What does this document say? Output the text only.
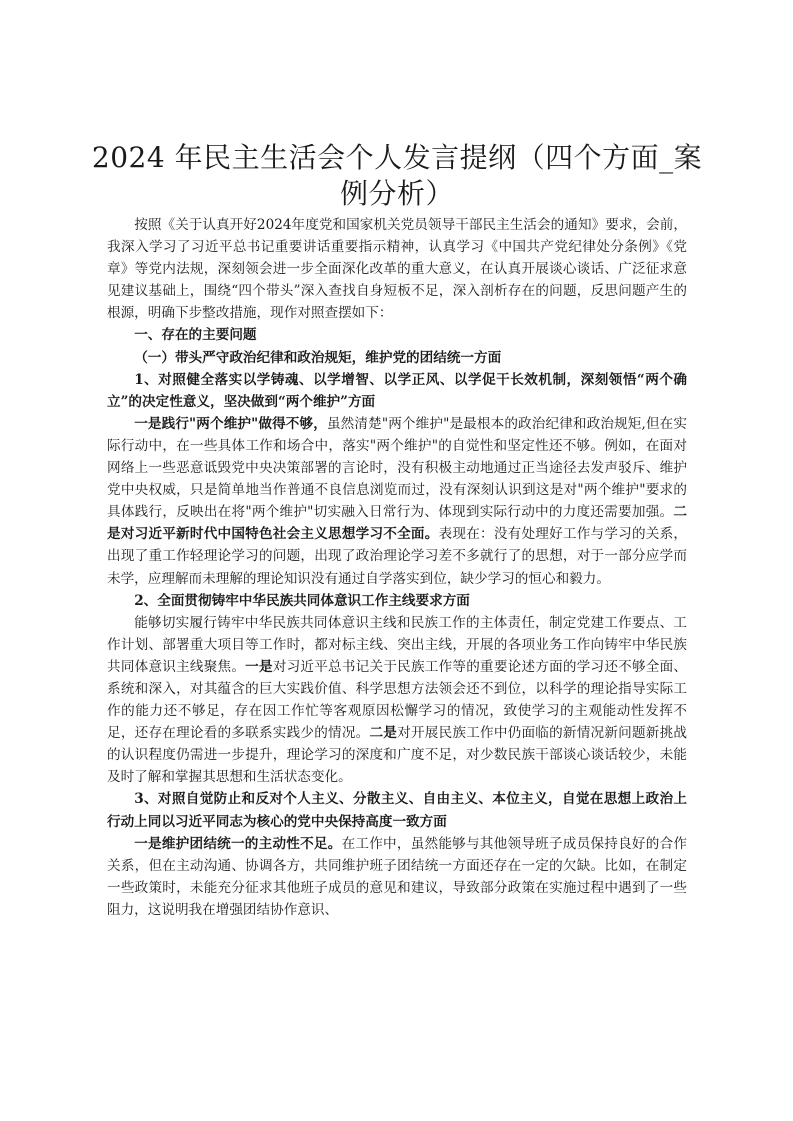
2024 年民主生活会个人发言提纲（四个方面_案例分析）

按照《关于认真开好2024年度党和国家机关党员领导干部民主生活会的通知》要求，会前，我深入学习了习近平总书记重要讲话重要指示精神，认真学习《中国共产党纪律处分条例》《党章》等党内法规，深刻领会进一步全面深化改革的重大意义，在认真开展谈心谈话、广泛征求意见建议基础上，围绕“四个带头”深入查找自身短板不足，深入剖析存在的问题，反思问题产生的根源，明确下步整改措施，现作对照查摆如下：

一、存在的主要问题

（一）带头严守政治纪律和政治规矩，维护党的团结统一方面

1、对照健全落实以学铸魂、以学增智、以学正风、以学促干长效机制，深刻领悟“两个确立”的决定性意义，坚决做到“两个维护”方面

一是践行"两个维护"做得不够，虽然清楚"两个维护"是最根本的政治纪律和政治规矩,但在实际行动中，在一些具体工作和场合中，落实"两个维护"的自觉性和坚定性还不够。例如，在面对网络上一些恶意诋毁党中央决策部署的言论时，没有积极主动地通过正当途径去发声驳斥、维护党中央权威，只是简单地当作普通不良信息浏览而过，没有深刻认识到这是对"两个维护"要求的具体践行，反映出在将"两个维护"切实融入日常行为、体现到实际行动中的力度还需要加强。二是对习近平新时代中国特色社会主义思想学习不全面。表现在：没有处理好工作与学习的关系，出现了重工作轻理论学习的问题，出现了政治理论学习差不多就行了的思想，对于一部分应学而未学，应理解而未理解的理论知识没有通过自学落实到位，缺少学习的恒心和毅力。

2、全面贯彻铸牢中华民族共同体意识工作主线要求方面

能够切实履行铸牢中华民族共同体意识主线和民族工作的主体责任，制定党建工作要点、工作计划、部署重大项目等工作时，都对标主线、突出主线，开展的各项业务工作向铸牢中华民族共同体意识主线聚焦。一是对习近平总书记关于民族工作等的重要论述方面的学习还不够全面、系统和深入，对其蕴含的巨大实践价值、科学思想方法领会还不到位，以科学的理论指导实际工作的能力还不够足，存在因工作忙等客观原因松懈学习的情况，致使学习的主观能动性发挥不足，还存在理论看的多联系实践少的情况。二是对开展民族工作中仍面临的新情况新问题新挑战的认识程度仍需进一步提升，理论学习的深度和广度不足，对少数民族干部谈心谈话较少，未能及时了解和掌握其思想和生活状态变化。

3、对照自觉防止和反对个人主义、分散主义、自由主义、本位主义，自觉在思想上政治上行动上同以习近平同志为核心的党中央保持高度一致方面

一是维护团结统一的主动性不足。在工作中，虽然能够与其他领导班子成员保持良好的合作关系，但在主动沟通、协调各方，共同维护班子团结统一方面还存在一定的欠缺。比如，在制定一些政策时，未能充分征求其他班子成员的意见和建议，导致部分政策在实施过程中遇到了一些阻力，这说明我在增强团结协作意识、
